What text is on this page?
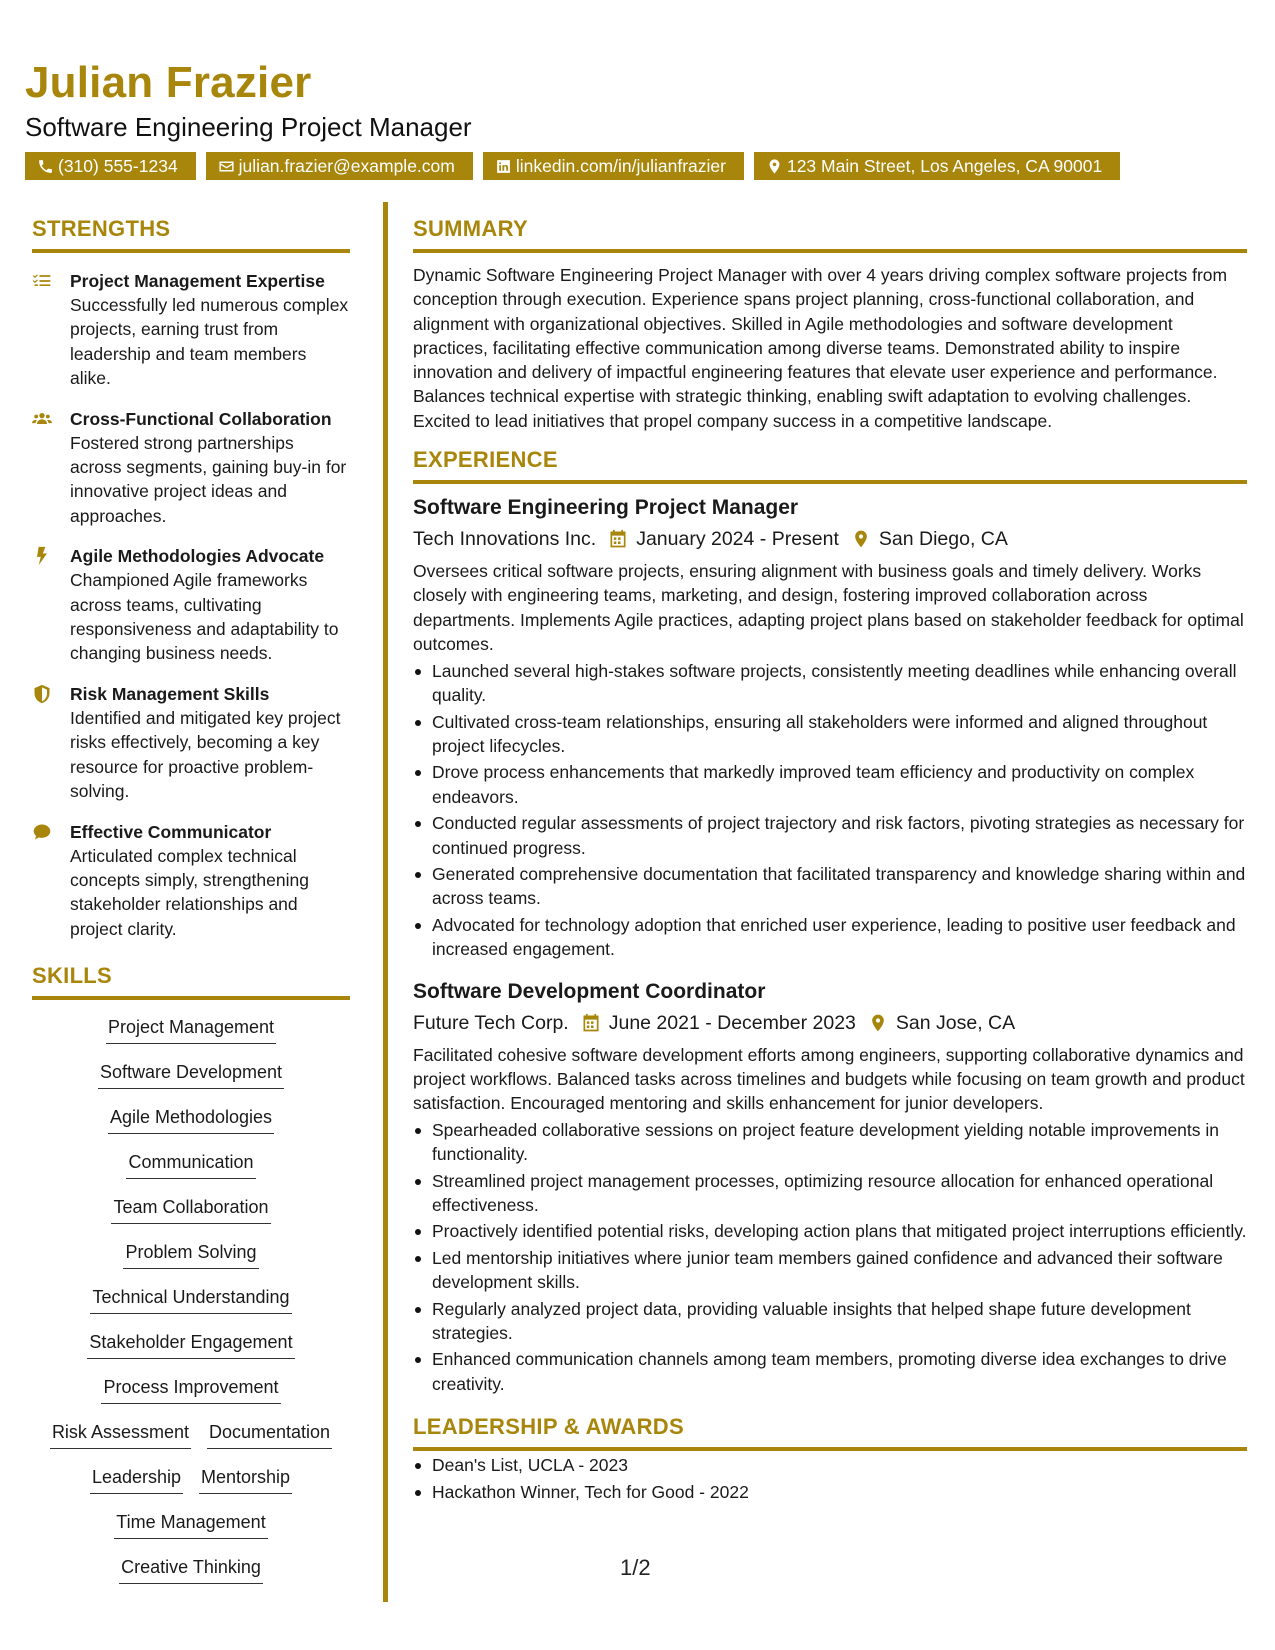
Julian Frazier
Software Engineering Project Manager
(310) 555-1234	julian.frazier@example.com	linkedin.com/in/julianfrazier	123 Main Street, Los Angeles, CA 90001
STRENGTHS
Project Management Expertise
Successfully led numerous complex projects, earning trust from leadership and team members alike.
Cross-Functional Collaboration
Fostered strong partnerships across segments, gaining buy-in for innovative project ideas and approaches.
Agile Methodologies Advocate
Championed Agile frameworks across teams, cultivating responsiveness and adaptability to changing business needs.
Risk Management Skills
Identified and mitigated key project risks effectively, becoming a key resource for proactive problem-solving.
Effective Communicator
Articulated complex technical concepts simply, strengthening stakeholder relationships and project clarity.
SKILLS
Project Management
Software Development
Agile Methodologies
Communication
Team Collaboration
Problem Solving
Technical Understanding
Stakeholder Engagement
Process Improvement
Risk Assessment Documentation
Leadership Mentorship
Time Management
Creative Thinking
SUMMARY
Dynamic Software Engineering Project Manager with over 4 years driving complex software projects from conception through execution. Experience spans project planning, cross-functional collaboration, and alignment with organizational objectives. Skilled in Agile methodologies and software development practices, facilitating effective communication among diverse teams. Demonstrated ability to inspire innovation and delivery of impactful engineering features that elevate user experience and performance. Balances technical expertise with strategic thinking, enabling swift adaptation to evolving challenges. Excited to lead initiatives that propel company success in a competitive landscape.
EXPERIENCE
Software Engineering Project Manager
Tech Innovations Inc. January 2024 - Present San Diego, CA
Oversees critical software projects, ensuring alignment with business goals and timely delivery. Works closely with engineering teams, marketing, and design, fostering improved collaboration across departments. Implements Agile practices, adapting project plans based on stakeholder feedback for optimal outcomes.
Launched several high-stakes software projects, consistently meeting deadlines while enhancing overall quality.
Cultivated cross-team relationships, ensuring all stakeholders were informed and aligned throughout project lifecycles.
Drove process enhancements that markedly improved team efficiency and productivity on complex endeavors.
Conducted regular assessments of project trajectory and risk factors, pivoting strategies as necessary for continued progress.
Generated comprehensive documentation that facilitated transparency and knowledge sharing within and across teams.
Advocated for technology adoption that enriched user experience, leading to positive user feedback and increased engagement.
Software Development Coordinator
Future Tech Corp. June 2021 - December 2023 San Jose, CA
Facilitated cohesive software development efforts among engineers, supporting collaborative dynamics and project workflows. Balanced tasks across timelines and budgets while focusing on team growth and product satisfaction. Encouraged mentoring and skills enhancement for junior developers.
Spearheaded collaborative sessions on project feature development yielding notable improvements in functionality.
Streamlined project management processes, optimizing resource allocation for enhanced operational effectiveness.
Proactively identified potential risks, developing action plans that mitigated project interruptions efficiently.
Led mentorship initiatives where junior team members gained confidence and advanced their software development skills.
Regularly analyzed project data, providing valuable insights that helped shape future development strategies.
Enhanced communication channels among team members, promoting diverse idea exchanges to drive creativity.
LEADERSHIP & AWARDS
Dean's List, UCLA - 2023
Hackathon Winner, Tech for Good - 2022
1/2
